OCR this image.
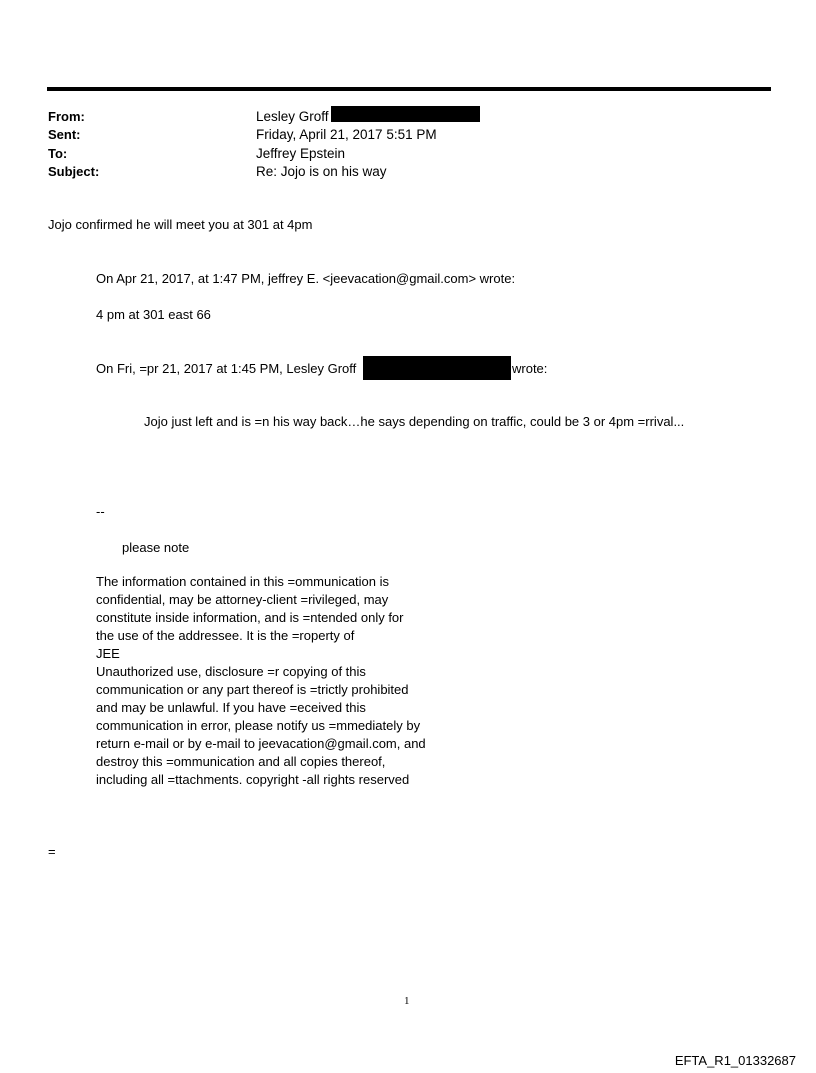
From:	Lesley Groff
Sent:	Friday, April 21, 2017 5:51 PM
To:	Jeffrey Epstein
Subject:	Re: Jojo is on his way
Jojo confirmed he will meet you at 301 at 4pm
On Apr 21, 2017, at 1:47 PM, jeffrey E. <jeevacation@gmail.com> wrote:
4 pm at 301 east 66
On Fri, =pr 21, 2017 at 1:45 PM, Lesley Groff	wrote:
Jojo just left and is =n his way back…he says depending on traffic, could be 3 or 4pm =rrival...
--
please note
The information contained in this =ommunication is
confidential, may be attorney-client =rivileged, may
constitute inside information, and is =ntended only for
the use of the addressee. It is the =roperty of
JEE
Unauthorized use, disclosure =r copying of this
communication or any part thereof is =trictly prohibited
and may be unlawful. If you have =eceived this
communication in error, please notify us =mmediately by
return e-mail or by e-mail to jeevacation@gmail.com, and
destroy this =ommunication and all copies thereof,
including all =ttachments. copyright -all rights reserved
=
1
EFTA_R1_01332687
